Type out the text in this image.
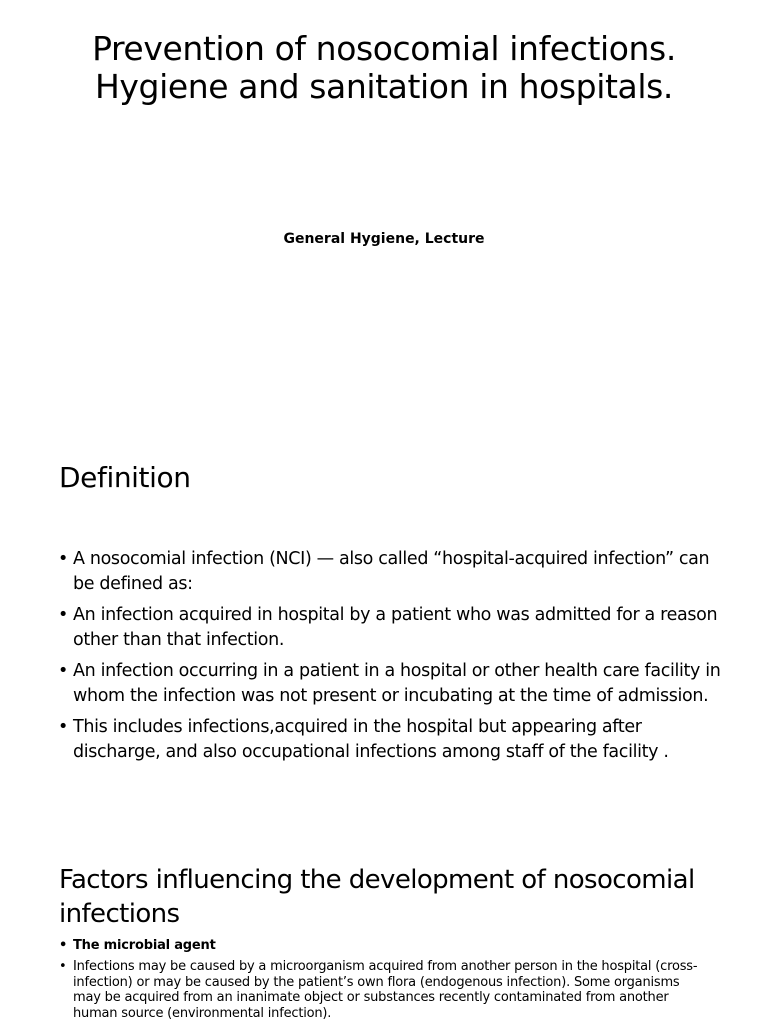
Prevention of nosocomial infections. Hygiene and sanitation in hospitals.

General Hygiene, Lecture

Definition
• A nosocomial infection (NCI) — also called “hospital-acquired infection” can be defined as:
• An infection acquired in hospital by a patient who was admitted for a reason other than that infection.
• An infection occurring in a patient in a hospital or other health care facility in whom the infection was not present or incubating at the time of admission.
• This includes infections,acquired in the hospital but appearing after discharge, and also occupational infections among staff of the facility .
Factors influencing the development of nosocomial infections
• The microbial agent
• Infections may be caused by a microorganism acquired from another person in the hospital (cross-infection) or may be caused by the patient’s own flora (endogenous infection). Some organisms may be acquired from an inanimate object or substances recently contaminated from another human source (environmental infection).
